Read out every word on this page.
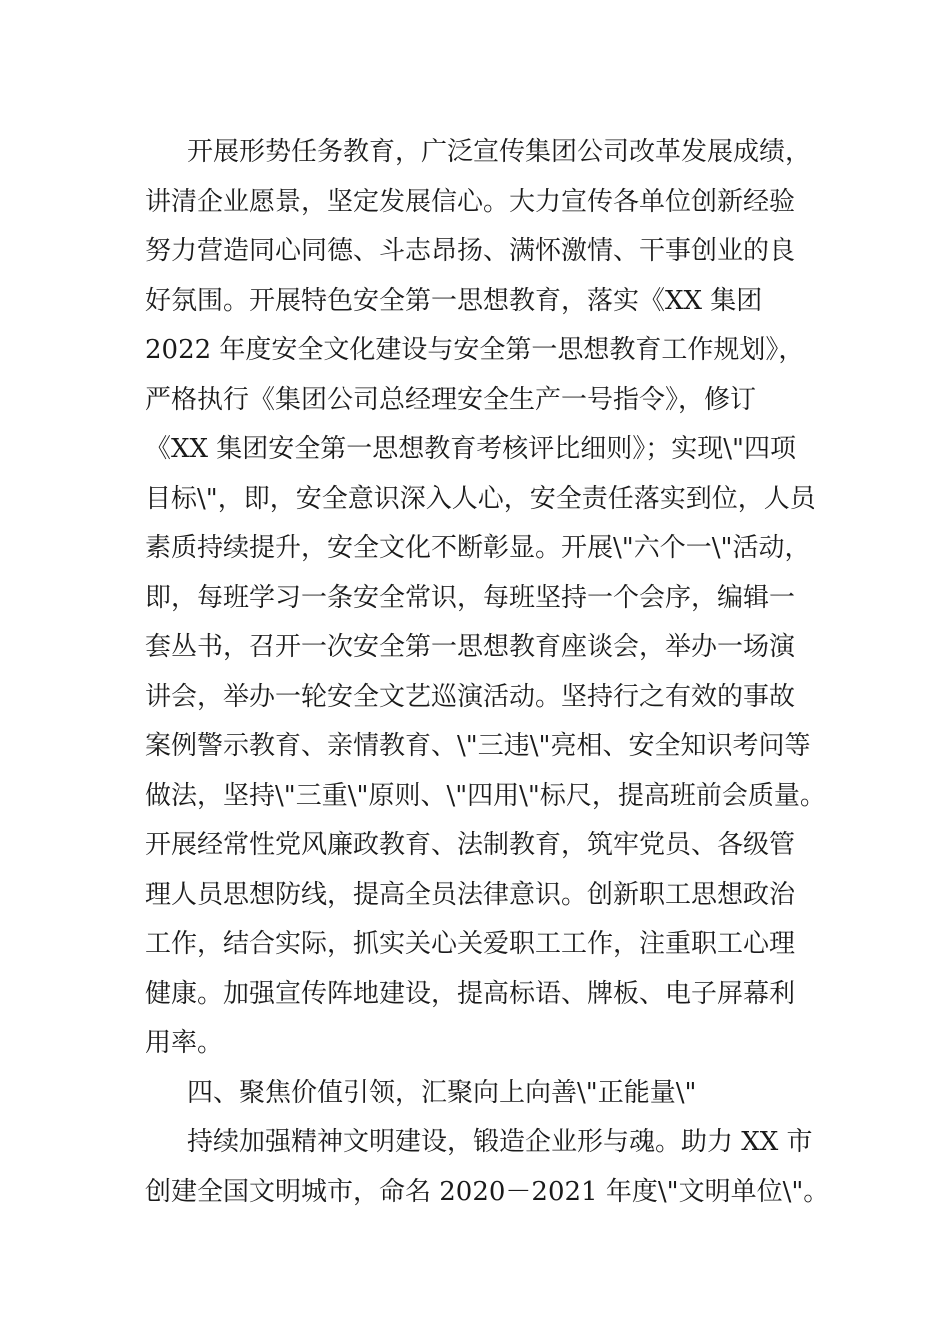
开展形势任务教育，广泛宣传集团公司改革发展成绩，
讲清企业愿景，坚定发展信心。大力宣传各单位创新经验
努力营造同心同德、斗志昂扬、满怀激情、干事创业的良
好氛围。开展特色安全第一思想教育，落实《XX 集团
2022 年度安全文化建设与安全第一思想教育工作规划》，
严格执行《集团公司总经理安全生产一号指令》，修订
《XX 集团安全第一思想教育考核评比细则》；实现\"四项
目标\"，即，安全意识深入人心，安全责任落实到位，人员
素质持续提升，安全文化不断彰显。开展\"六个一\"活动，
即，每班学习一条安全常识，每班坚持一个会序，编辑一
套丛书，召开一次安全第一思想教育座谈会，举办一场演
讲会，举办一轮安全文艺巡演活动。坚持行之有效的事故
案例警示教育、亲情教育、\"三违\"亮相、安全知识考问等
做法，坚持\"三重\"原则、\"四用\"标尺，提高班前会质量。
开展经常性党风廉政教育、法制教育，筑牢党员、各级管
理人员思想防线，提高全员法律意识。创新职工思想政治
工作，结合实际，抓实关心关爱职工工作，注重职工心理
健康。加强宣传阵地建设，提高标语、牌板、电子屏幕利
用率。
四、聚焦价值引领，汇聚向上向善\"正能量\"
持续加强精神文明建设，锻造企业形与魂。助力 XX 市
创建全国文明城市，命名 2020－2021 年度\"文明单位\"。
